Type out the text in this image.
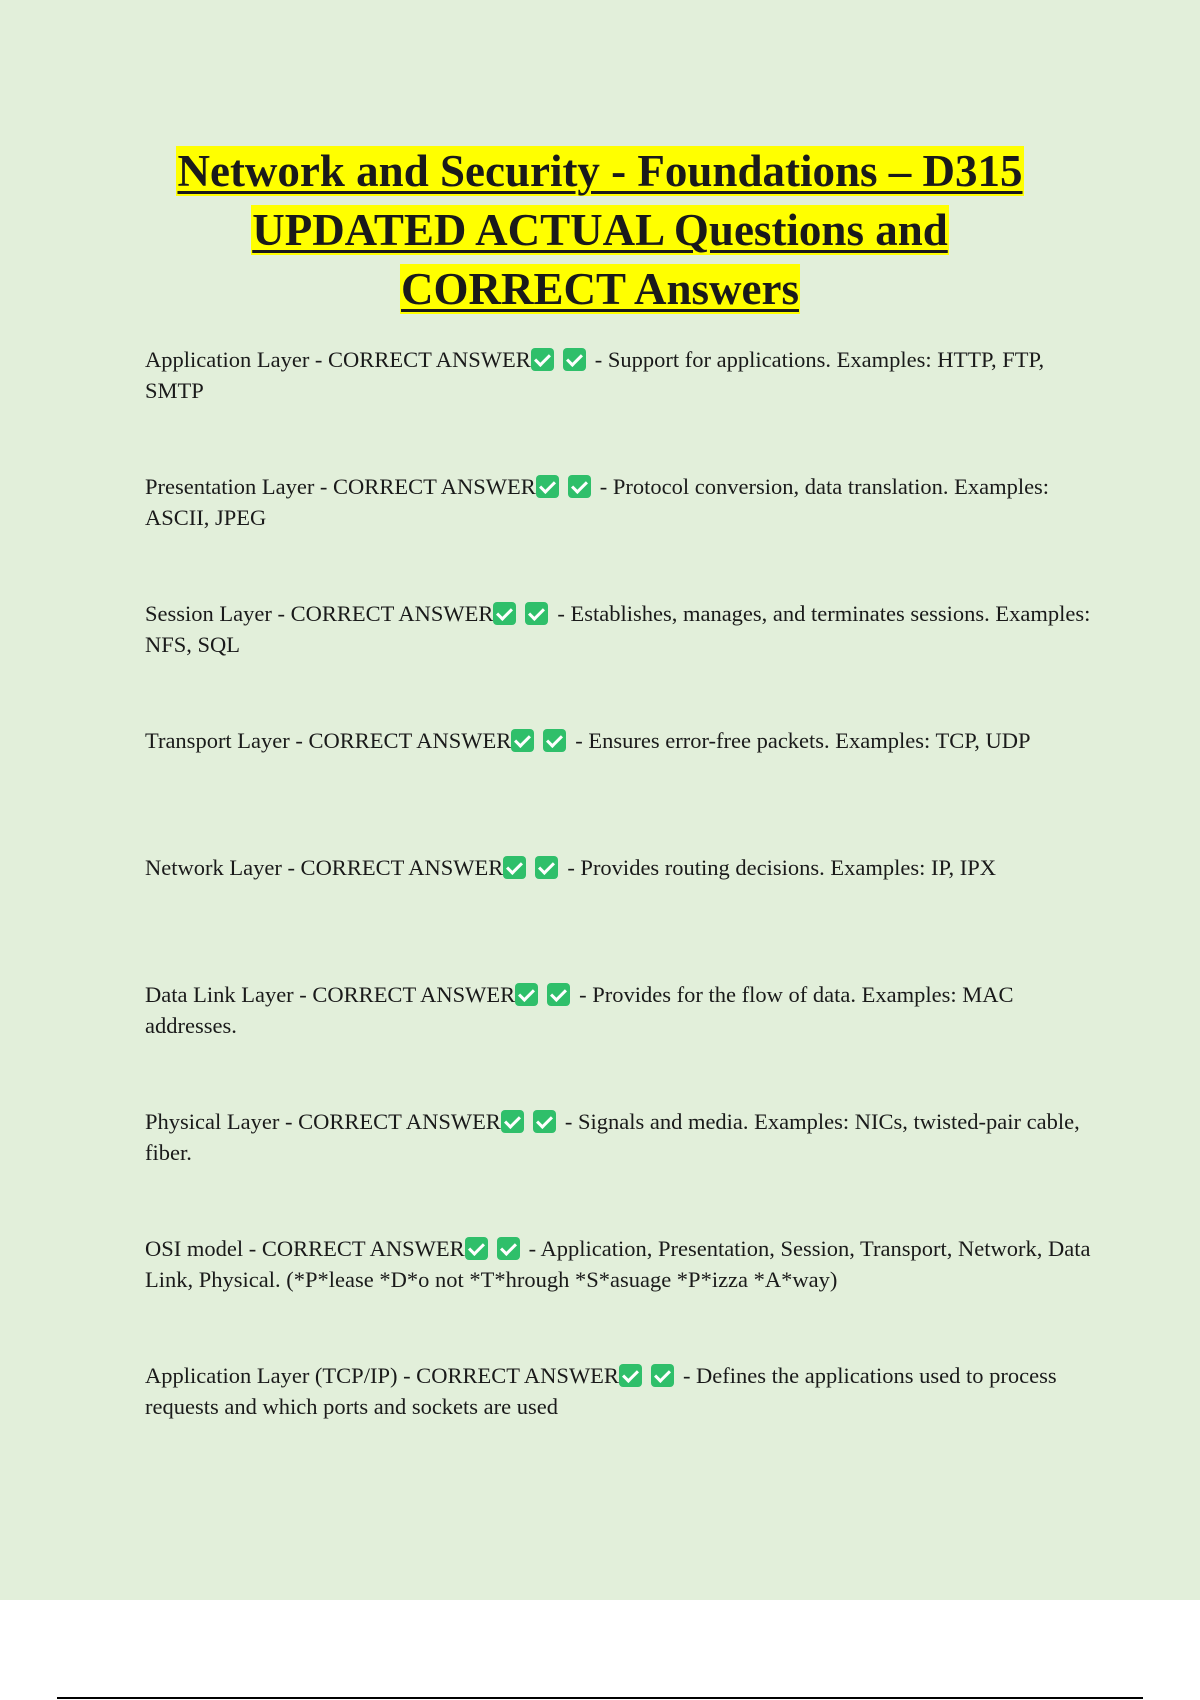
Network and Security - Foundations – D315
UPDATED ACTUAL Questions and
CORRECT Answers
Application Layer - CORRECT ANSWER	- Support for applications. Examples: HTTP, FTP, SMTP
Presentation Layer - CORRECT ANSWER	- Protocol conversion, data translation. Examples: ASCII, JPEG
Session Layer - CORRECT ANSWER	- Establishes, manages, and terminates sessions. Examples: NFS, SQL
Transport Layer - CORRECT ANSWER	- Ensures error-free packets. Examples: TCP, UDP
Network Layer - CORRECT ANSWER	- Provides routing decisions. Examples: IP, IPX
Data Link Layer - CORRECT ANSWER	- Provides for the flow of data. Examples: MAC addresses.
Physical Layer - CORRECT ANSWER	- Signals and media. Examples: NICs, twisted-pair cable, fiber.
OSI model - CORRECT ANSWER	- Application, Presentation, Session, Transport, Network, Data Link, Physical. (*P*lease *D*o not *T*hrough *S*asuage *P*izza *A*way)
Application Layer (TCP/IP) - CORRECT ANSWER	- Defines the applications used to process requests and which ports and sockets are used
